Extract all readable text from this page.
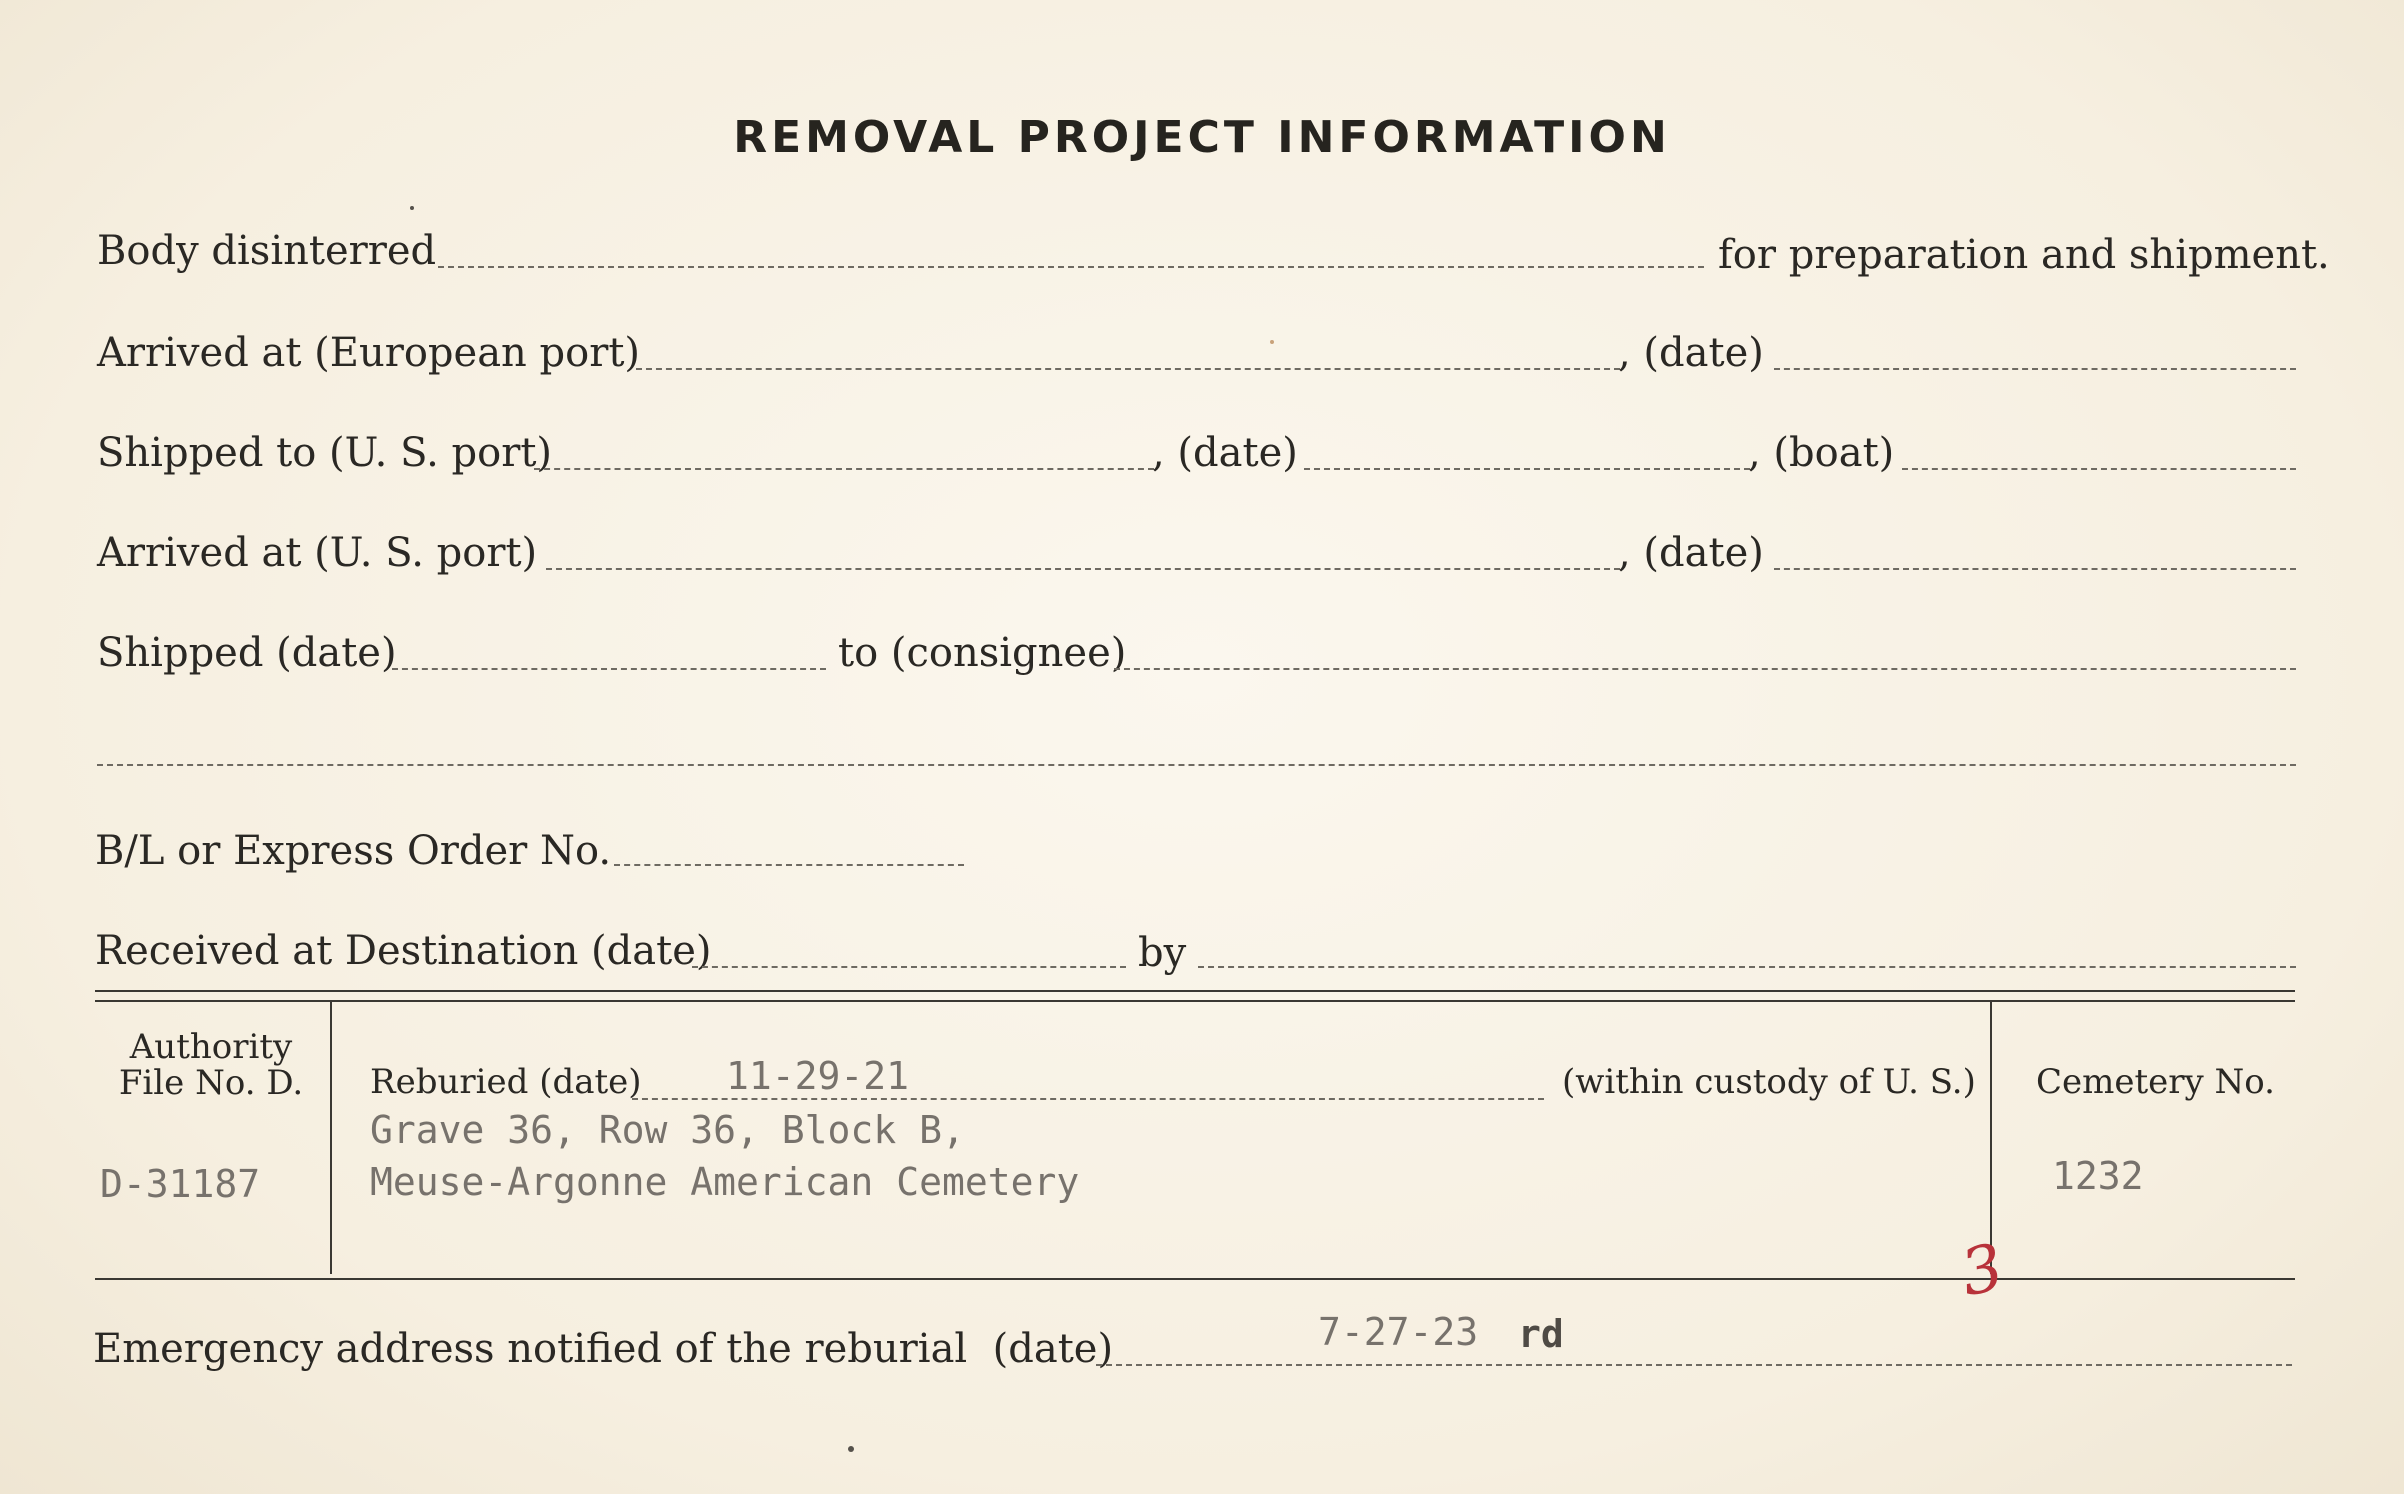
REMOVAL PROJECT INFORMATION
Body disinterred	for preparation and shipment.
Arrived at (European port)	, (date)
Shipped to (U. S. port)	, (date)	, (boat)
Arrived at (U. S. port)	, (date)
Shipped (date)	to (consignee)
B/L or Express Order No.
Received at Destination (date)	by
Authority
File No. D.
D-31187
Reburied (date) 11-29-21	(within custody of U. S.)
Grave 36, Row 36, Block B,
Meuse-Argonne American Cemetery
Cemetery No.
1232
3
Emergency address notified of the reburial  (date)	7-27-23 rd
